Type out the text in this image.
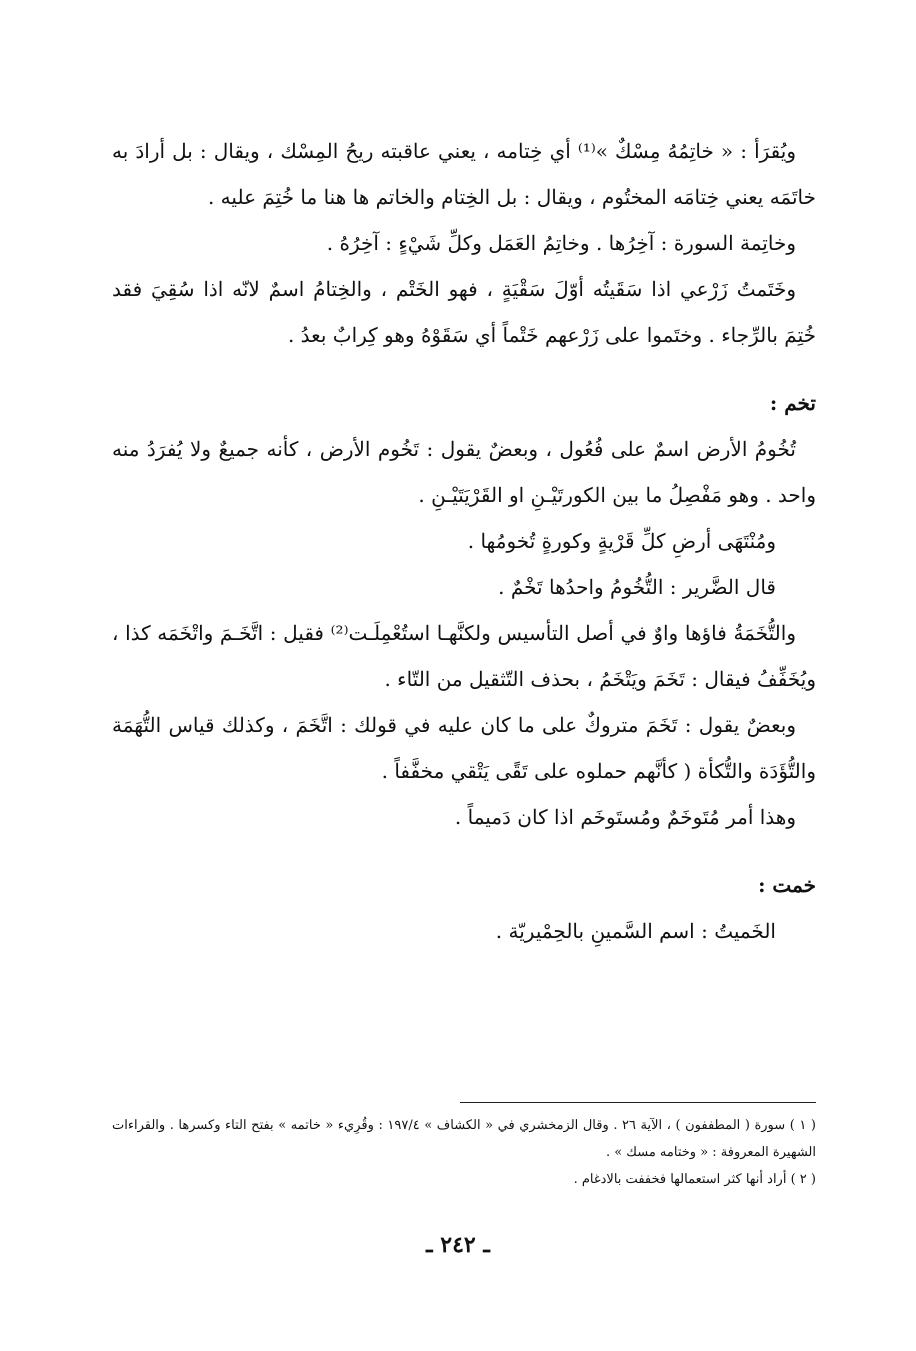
ويُقرَأ : « خاتِمُهُ مِسْكٌ »⁽¹⁾ أي خِتامه ، يعني عاقبته ريحُ المِسْك ، ويقال : بل أرادَ به خاتَمَه يعني خِتامَه المختُوم ، ويقال : بل الخِتام والخاتم ها هنا ما خُتِمَ عليه .

وخاتِمة السورة : آخِرُها . وخاتِمُ العَمَل وكلِّ شَيْءٍ : آخِرُهُ .

وخَتَمتُ زَرْعي اذا سَقَيتُه أوّلَ سَقْيَةٍ ، فهو الخَتْم ، والخِتامُ اسمٌ لانّه اذا سُقِيَ فقد خُتِمَ بالرِّجاء . وختَموا على زَرْعهم خَتْماً أي سَقَوْهُ وهو كِرابٌ بعدُ .

تخم :

تُخُومُ الأرض اسمٌ على فُعُول ، وبعضٌ يقول : تَخُوم الأرض ، كأنه جميعٌ ولا يُفرَدُ منه واحد . وهو مَفْصِلُ ما بين الكورتَيْـنِ او القَرْيَتَيْـنِ .

ومُنْتَهَى أرضِ كلِّ قَرْيةٍ وكورةٍ تُخومُها .

قال الضَّرير : التُّخُومُ واحدُها تَخْمٌ .

والتُّخَمَةُ فاؤها واوٌ في أصل التأسيس ولكنَّهـا استُعْمِلَـت⁽²⁾ فقيل : اتَّخَـمَ واتْخَمَه كذا ، ويُخَفِّفُ فيقال : تَخَمَ ويَتْخَمُ ، بحذف التّثقيل من التّاء .

وبعضٌ يقول : تَخَمَ متروكٌ على ما كان عليه في قولك : اتَّخَمَ ، وكذلك قياس التُّهَمَة والتُّؤَدَة والتُّكأة ( كأنَّهم حملوه على تَقًى يَتْقي مخفَّفاً .

وهذا أمر مُتَوخَمٌ ومُستَوخَم اذا كان دَميماً .

خمت :

الخَميتُ : اسم السَّمينِ بالحِمْيريّة .

( ١ ) سورة ( المطففون ) ، الآية ٢٦ . وقال الزمخشري في « الكشاف » ١٩٧/٤ : وقُرِيء « خاتمه » بفتح التاء وكسرها . والقراءات الشهيرة المعروفة : « وختامه مسك » .

( ٢ ) أراد أنها كثر استعمالها فخففت بالادغام .

ـ ٢٤٢ ـ
